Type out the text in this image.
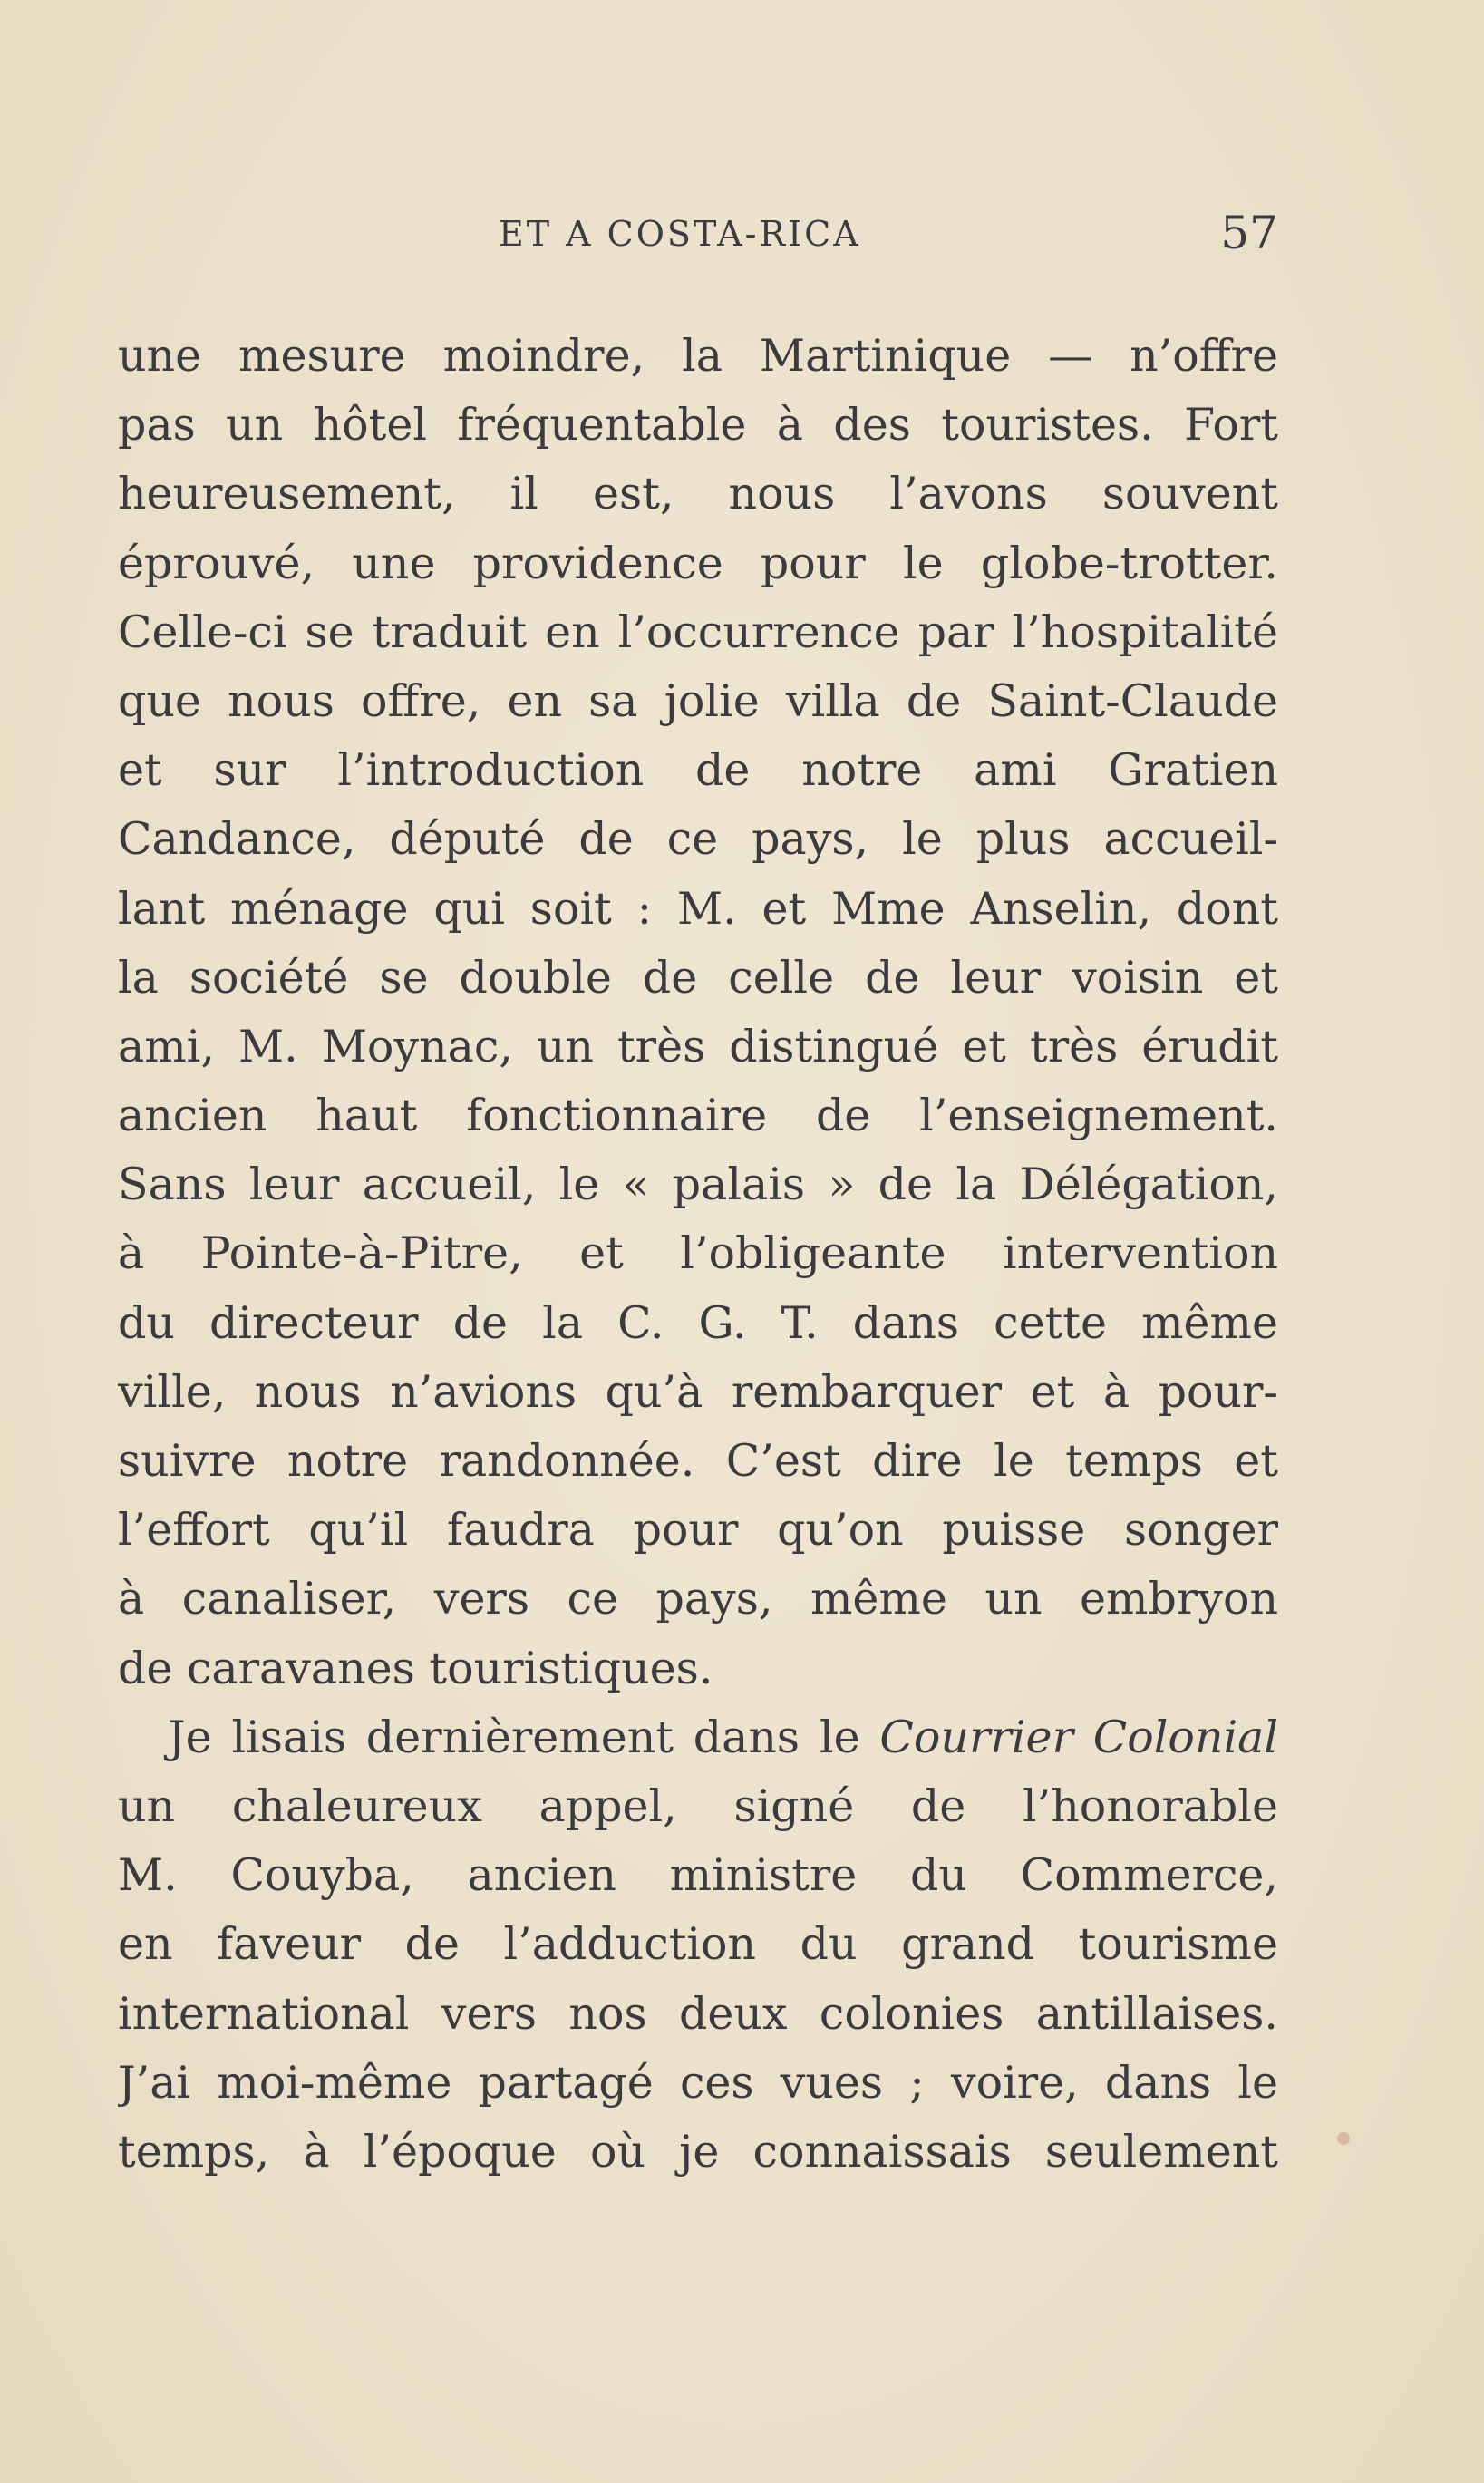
ET A COSTA-RICA	57
une mesure moindre, la Martinique — n’offre
pas un hôtel fréquentable à des touristes. Fort
heureusement, il est, nous l’avons souvent
éprouvé, une providence pour le globe-trotter.
Celle-ci se traduit en l’occurrence par l’hospitalité
que nous offre, en sa jolie villa de Saint-Claude
et sur l’introduction de notre ami Gratien
Candance, député de ce pays, le plus accueil-
lant ménage qui soit : M. et Mme Anselin, dont
la société se double de celle de leur voisin et
ami, M. Moynac, un très distingué et très érudit
ancien haut fonctionnaire de l’enseignement.
Sans leur accueil, le « palais » de la Délégation,
à Pointe-à-Pitre, et l’obligeante intervention
du directeur de la C. G. T. dans cette même
ville, nous n’avions qu’à rembarquer et à pour-
suivre notre randonnée. C’est dire le temps et
l’effort qu’il faudra pour qu’on puisse songer
à canaliser, vers ce pays, même un embryon
de caravanes touristiques.
Je lisais dernièrement dans le Courrier Colonial
un chaleureux appel, signé de l’honorable
M. Couyba, ancien ministre du Commerce,
en faveur de l’adduction du grand tourisme
international vers nos deux colonies antillaises.
J’ai moi-même partagé ces vues ; voire, dans le
temps, à l’époque où je connaissais seulement
